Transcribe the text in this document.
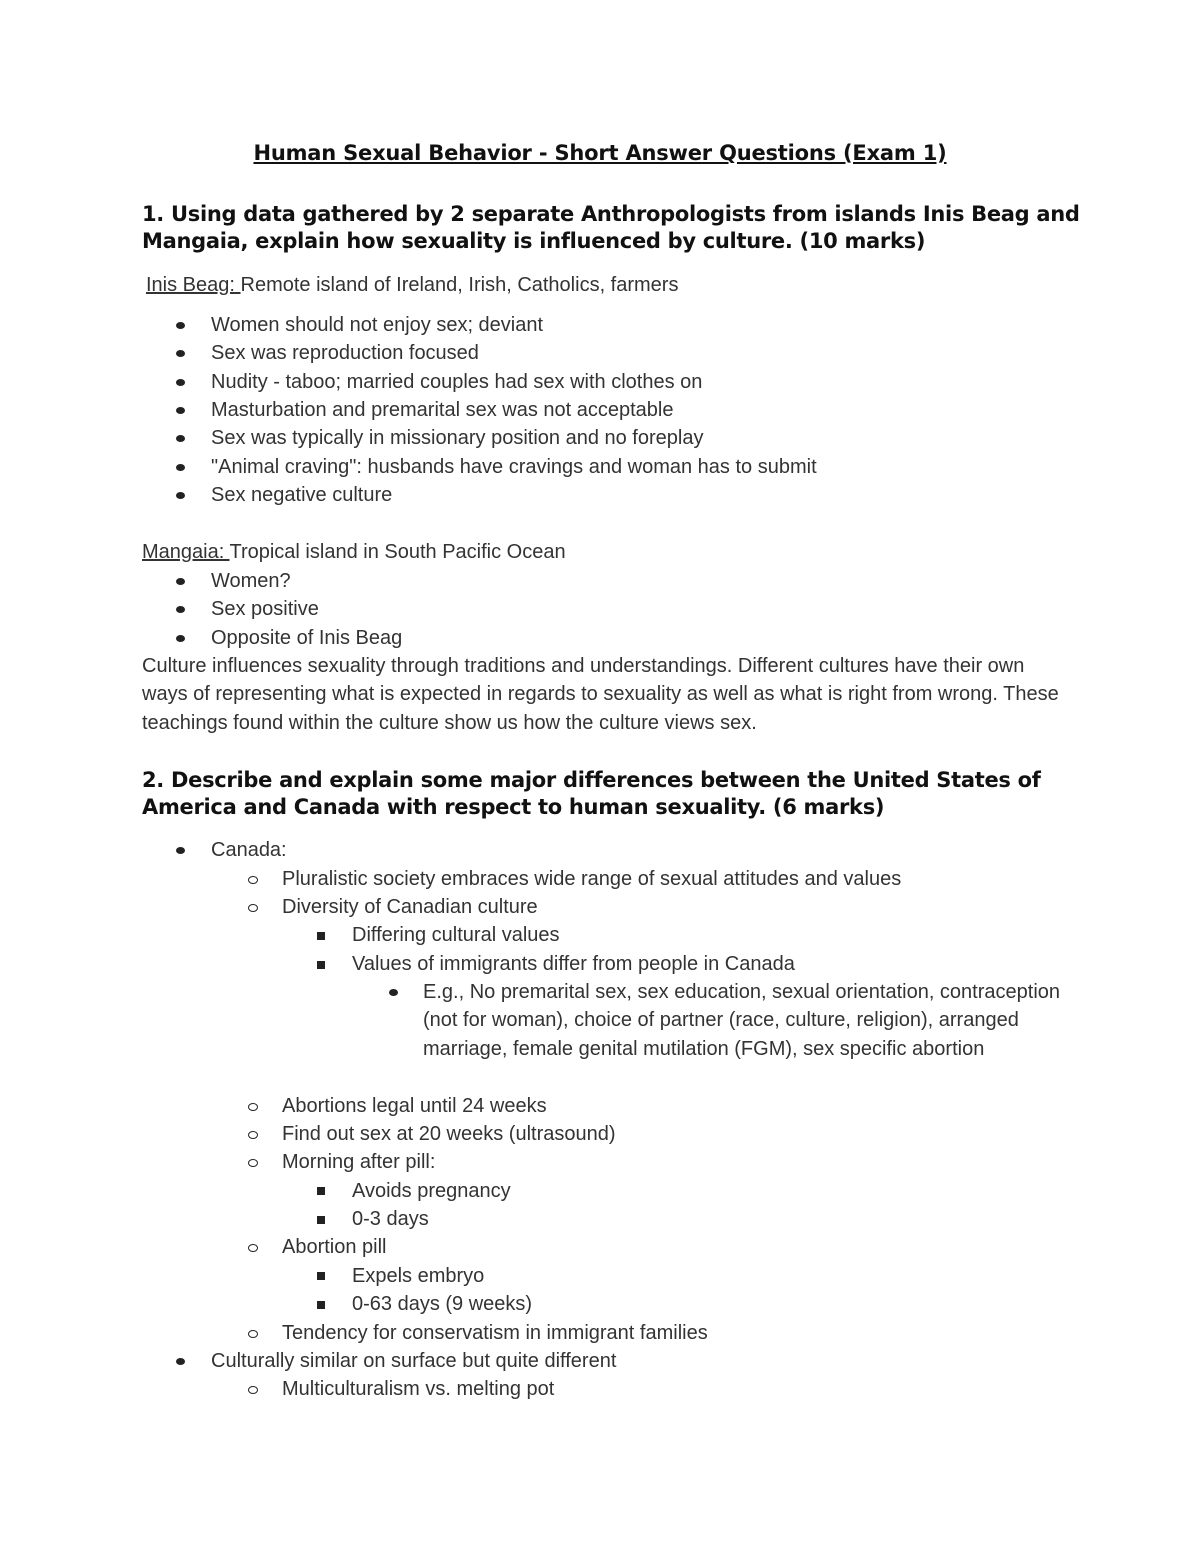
Human Sexual Behavior - Short Answer Questions (Exam 1)
1. Using data gathered by 2 separate Anthropologists from islands Inis Beag and Mangaia, explain how sexuality is influenced by culture. (10 marks)
Inis Beag: Remote island of Ireland, Irish, Catholics, farmers
Women should not enjoy sex; deviant
Sex was reproduction focused
Nudity - taboo; married couples had sex with clothes on
Masturbation and premarital sex was not acceptable
Sex was typically in missionary position and no foreplay
"Animal craving": husbands have cravings and woman has to submit
Sex negative culture
Mangaia: Tropical island in South Pacific Ocean
Women?
Sex positive
Opposite of Inis Beag
Culture influences sexuality through traditions and understandings. Different cultures have their own ways of representing what is expected in regards to sexuality as well as what is right from wrong. These teachings found within the culture show us how the culture views sex.
2. Describe and explain some major differences between the United States of America and Canada with respect to human sexuality. (6 marks)
Canada:
Pluralistic society embraces wide range of sexual attitudes and values
Diversity of Canadian culture
Differing cultural values
Values of immigrants differ from people in Canada
E.g., No premarital sex, sex education, sexual orientation, contraception (not for woman), choice of partner (race, culture, religion), arranged marriage, female genital mutilation (FGM), sex specific abortion
Abortions legal until 24 weeks
Find out sex at 20 weeks (ultrasound)
Morning after pill:
Avoids pregnancy
0-3 days
Abortion pill
Expels embryo
0-63 days (9 weeks)
Tendency for conservatism in immigrant families
Culturally similar on surface but quite different
Multiculturalism vs. melting pot
